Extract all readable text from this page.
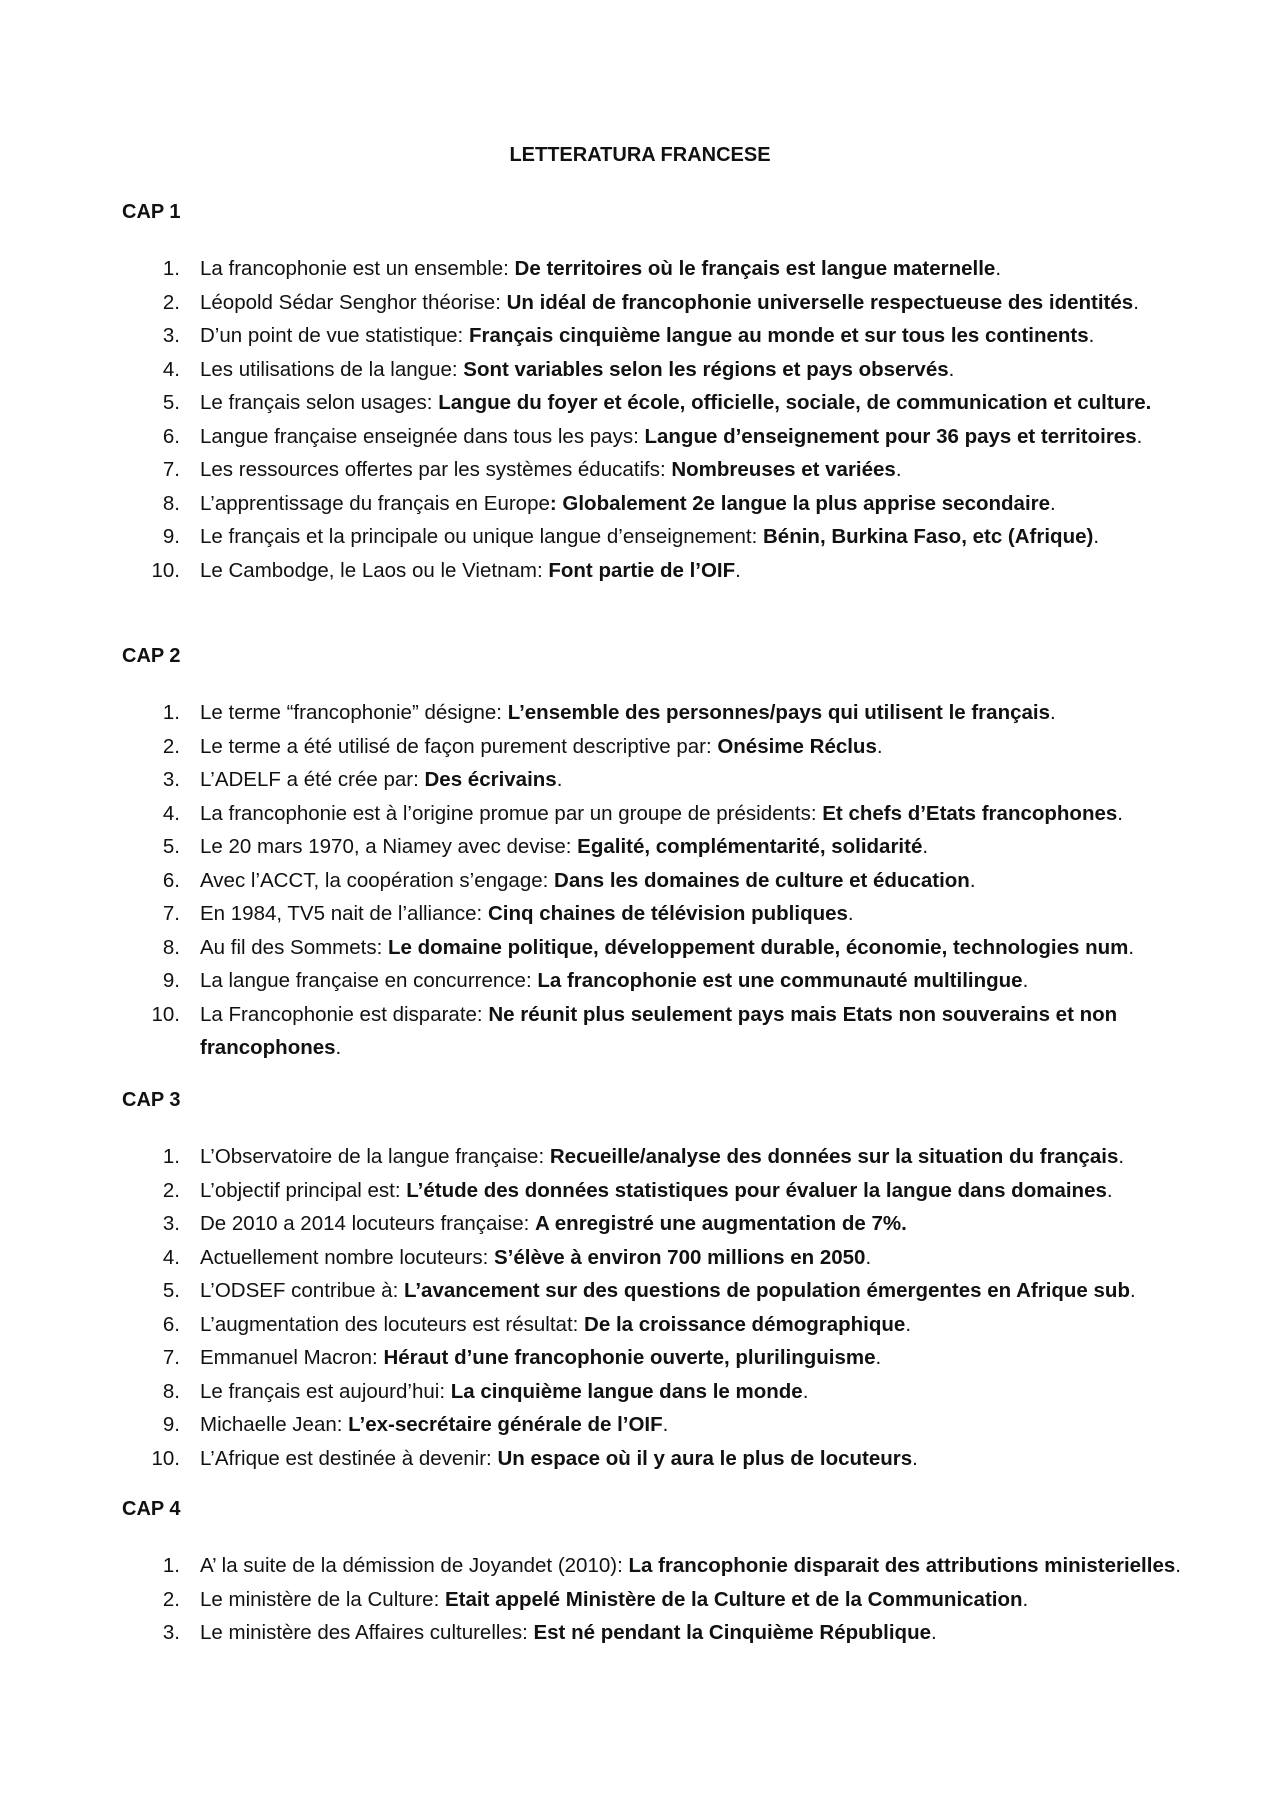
LETTERATURA FRANCESE
CAP 1
1. La francophonie est un ensemble: De territoires où le français est langue maternelle.
2. Léopold Sédar Senghor théorise: Un idéal de francophonie universelle respectueuse des identités.
3. D’un point de vue statistique: Français cinquième langue au monde et sur tous les continents.
4. Les utilisations de la langue: Sont variables selon les régions et pays observés.
5. Le français selon usages: Langue du foyer et école, officielle, sociale, de communication et culture.
6. Langue française enseignée dans tous les pays: Langue d’enseignement pour 36 pays et territoires.
7. Les ressources offertes par les systèmes éducatifs: Nombreuses et variées.
8. L’apprentissage du français en Europe: Globalement 2e langue la plus apprise secondaire.
9. Le français et la principale ou unique langue d’enseignement: Bénin, Burkina Faso, etc (Afrique).
10. Le Cambodge, le Laos ou le Vietnam: Font partie de l’OIF.
CAP 2
1. Le terme “francophonie” désigne: L’ensemble des personnes/pays qui utilisent le français.
2. Le terme a été utilisé de façon purement descriptive par: Onésime Réclus.
3. L’ADELF a été crée par: Des écrivains.
4. La francophonie est à l’origine promue par un groupe de présidents: Et chefs d’Etats francophones.
5. Le 20 mars 1970, a Niamey avec devise: Egalité, complémentarité, solidarité.
6. Avec l’ACCT, la coopération s’engage: Dans les domaines de culture et éducation.
7. En 1984, TV5 nait de l’alliance: Cinq chaines de télévision publiques.
8. Au fil des Sommets: Le domaine politique, développement durable, économie, technologies num.
9. La langue française en concurrence: La francophonie est une communauté multilingue.
10. La Francophonie est disparate: Ne réunit plus seulement pays mais Etats non souverains et non francophones.
CAP 3
1. L’Observatoire de la langue française: Recueille/analyse des données sur la situation du français.
2. L’objectif principal est: L’étude des données statistiques pour évaluer la langue dans domaines.
3. De 2010 a 2014 locuteurs française: A enregistré une augmentation de 7%.
4. Actuellement nombre locuteurs: S’élève à environ 700 millions en 2050.
5. L’ODSEF contribue à: L’avancement sur des questions de population émergentes en Afrique sub.
6. L’augmentation des locuteurs est résultat: De la croissance démographique.
7. Emmanuel Macron: Héraut d’une francophonie ouverte, plurilinguisme.
8. Le français est aujourd’hui: La cinquième langue dans le monde.
9. Michaelle Jean: L’ex-secrétaire générale de l’OIF.
10. L’Afrique est destinée à devenir: Un espace où il y aura le plus de locuteurs.
CAP 4
1. A’ la suite de la démission de Joyandet (2010): La francophonie disparait des attributions ministerielles.
2. Le ministère de la Culture: Etait appelé Ministère de la Culture et de la Communication.
3. Le ministère des Affaires culturelles: Est né pendant la Cinquième République.
